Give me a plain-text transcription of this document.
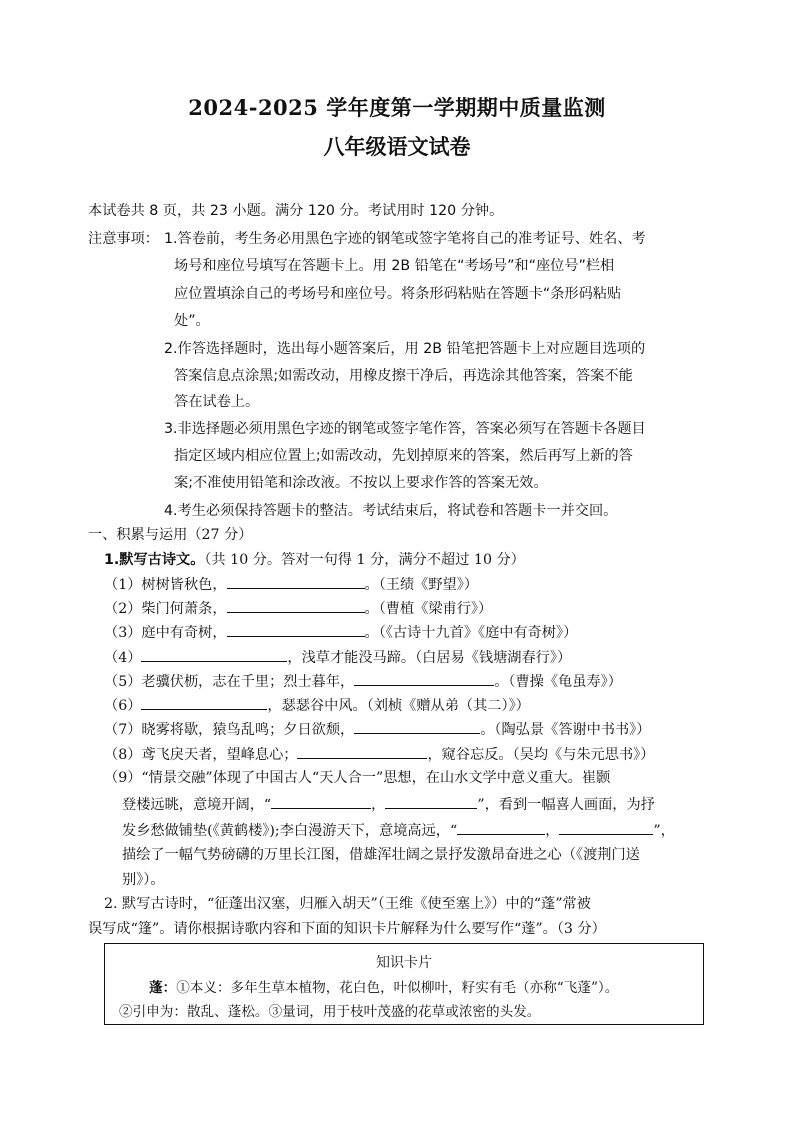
2024-2025 学年度第一学期期中质量监测
八年级语文试卷
本试卷共 8 页，共 23 小题。满分 120 分。考试用时 120 分钟。
注意事项： 1.答卷前，考生务必用黑色字迹的钢笔或签字笔将自己的准考证号、姓名、考
场号和座位号填写在答题卡上。用 2B 铅笔在“考场号”和“座位号”栏相
应位置填涂自己的考场号和座位号。将条形码粘贴在答题卡“条形码粘贴
处”。
2.作答选择题时，选出每小题答案后，用 2B 铅笔把答题卡上对应题目选项的
答案信息点涂黑;如需改动，用橡皮擦干净后，再选涂其他答案，答案不能
答在试卷上。
3.非选择题必须用黑色字迹的钢笔或签字笔作答，答案必须写在答题卡各题目
指定区域内相应位置上;如需改动，先划掉原来的答案，然后再写上新的答
案;不准使用铅笔和涂改液。不按以上要求作答的答案无效。
4.考生必须保持答题卡的整洁。考试结束后，将试卷和答题卡一并交回。
一、积累与运用（27 分）
1.默写古诗文。（共 10 分。答对一句得 1 分，满分不超过 10 分）
（1）树树皆秋色，	。（王绩《野望》）
（2）柴门何萧条，	。（曹植《梁甫行》）
（3）庭中有奇树，	。（《古诗十九首》《庭中有奇树》）
（4）	，浅草才能没马蹄。（白居易《钱塘湖春行》）
（5）老骥伏枥，志在千里；烈士暮年，	。（曹操《龟虽寿》）
（6）	，瑟瑟谷中风。（刘桢《赠从弟（其二）》）
（7）晓雾将歇，猿鸟乱鸣；夕日欲颓，	。（陶弘景《答谢中书书》）
（8）鸢飞戾天者，望峰息心；	，窥谷忘反。（吴均《与朱元思书》）
（9）“情景交融”体现了中国古人“天人合一”思想，在山水文学中意义重大。崔颢
登楼远眺，意境开阔，“	，	”，看到一幅喜人画面，为抒
发乡愁做铺垫(《黄鹤楼》);李白漫游天下，意境高远，“	，	”，
描绘了一幅气势磅礴的万里长江图，借雄浑壮阔之景抒发激昂奋进之心（《渡荆门送
别》）。
2. 默写古诗时，“征蓬出汉塞，归雁入胡天”（王维《使至塞上》）中的“蓬”常被
误写成“篷”。请你根据诗歌内容和下面的知识卡片解释为什么要写作“蓬”。（3 分）
知识卡片
蓬：①本义：多年生草本植物，花白色，叶似柳叶，籽实有毛（亦称“飞蓬”）。
②引申为：散乱、蓬松。③量词，用于枝叶茂盛的花草或浓密的头发。
